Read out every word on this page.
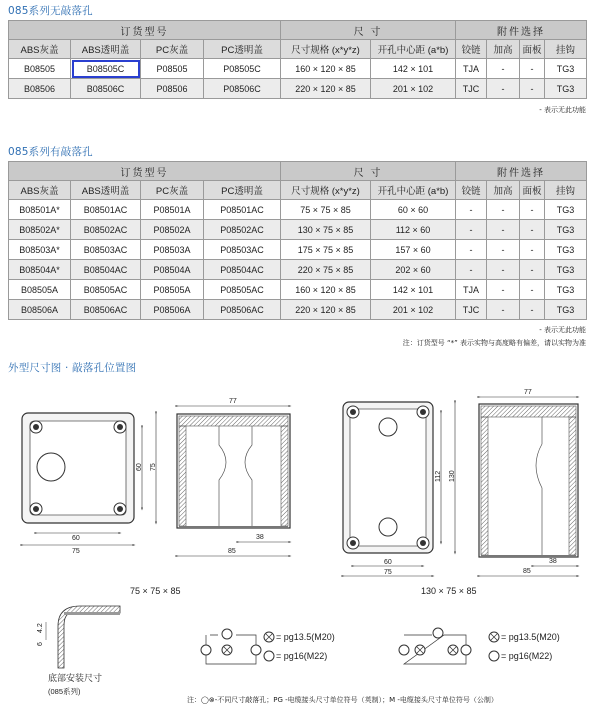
085系列无敲落孔
订货型号				尺 寸		附件选择			
ABS灰盖	ABS透明盖	PC灰盖	PC透明盖	尺寸规格 (x*y*z)	开孔中心距 (a*b)	铰链	加高	面板	挂钩
B08505	B08505C	P08505	P08505C	160 × 120 × 85	142 × 101	TJA	-	-	TG3
B08506	B08506C	P08506	P08506C	220 × 120 × 85	201 × 102	TJC	-	-	TG3
- 表示无此功能
085系列有敲落孔
订货型号				尺 寸		附件选择			
ABS灰盖	ABS透明盖	PC灰盖	PC透明盖	尺寸规格 (x*y*z)	开孔中心距 (a*b)	铰链	加高	面板	挂钩
B08501A*	B08501AC	P08501A	P08501AC	75 × 75 × 85	60 × 60	-	-	-	TG3
B08502A*	B08502AC	P08502A	P08502AC	130 × 75 × 85	112 × 60	-	-	-	TG3
B08503A*	B08503AC	P08503A	P08503AC	175 × 75 × 85	157 × 60	-	-	-	TG3
B08504A*	B08504AC	P08504A	P08504AC	220 × 75 × 85	202 × 60	-	-	-	TG3
B08505A	B08505AC	P08505A	P08505AC	160 × 120 × 85	142 × 101	TJA	-	-	TG3
B08506A	B08506AC	P08506A	P08506AC	220 × 120 × 85	201 × 102	TJC	-	-	TG3
- 表示无此功能
注：订货型号 “*” 表示实物与高度略有偏差，请以实物为准
外型尺寸图 · 敲落孔位置图
60
75
60 75
77
38
85
60
75
112 130
77
38
85
4.2
6
75 × 75 × 85	130 × 75 × 85
底部安装尺寸
(085系列)
= pg13.5(M20)
= pg16(M22)
= pg13.5(M20)
= pg16(M22)
注：◯⊗-不同尺寸敲落孔；PG -电缆接头尺寸单位符号（英制）；M -电缆接头尺寸单位符号（公制）
